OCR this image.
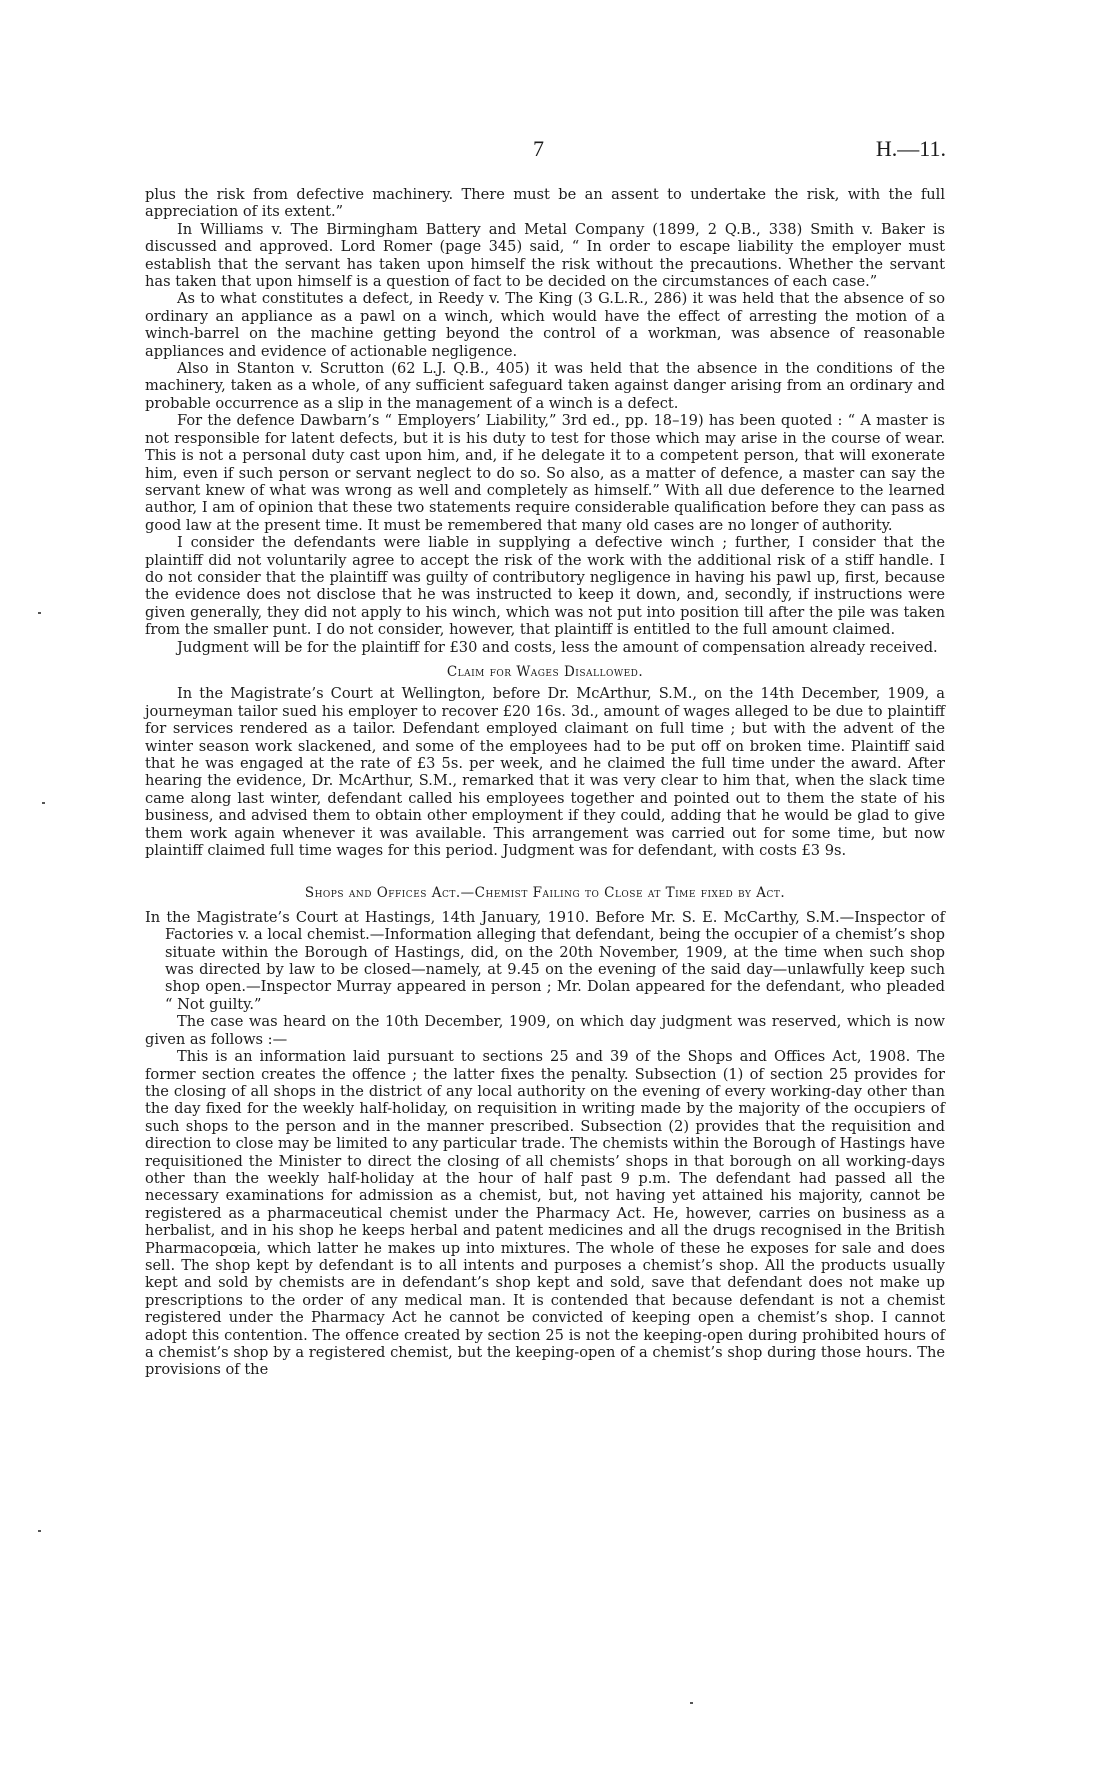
7	H.—11.

plus the risk from defective machinery. There must be an assent to undertake the risk, with the full appreciation of its extent.”

In Williams v. The Birmingham Battery and Metal Company (1899, 2 Q.B., 338) Smith v. Baker is discussed and approved. Lord Romer (page 345) said, “ In order to escape liability the employer must establish that the servant has taken upon himself the risk without the precautions. Whether the servant has taken that upon himself is a question of fact to be decided on the circumstances of each case.”

As to what constitutes a defect, in Reedy v. The King (3 G.L.R., 286) it was held that the absence of so ordinary an appliance as a pawl on a winch, which would have the effect of arresting the motion of a winch-barrel on the machine getting beyond the control of a workman, was absence of reasonable appliances and evidence of actionable negligence.

Also in Stanton v. Scrutton (62 L.J. Q.B., 405) it was held that the absence in the conditions of the machinery, taken as a whole, of any sufficient safeguard taken against danger arising from an ordinary and probable occurrence as a slip in the management of a winch is a defect.

For the defence Dawbarn’s “ Employers’ Liability,” 3rd ed., pp. 18–19) has been quoted : “ A master is not responsible for latent defects, but it is his duty to test for those which may arise in the course of wear. This is not a personal duty cast upon him, and, if he delegate it to a competent person, that will exonerate him, even if such person or servant neglect to do so. So also, as a matter of defence, a master can say the servant knew of what was wrong as well and completely as himself.” With all due deference to the learned author, I am of opinion that these two statements require considerable qualification before they can pass as good law at the present time. It must be remembered that many old cases are no longer of authority.

I consider the defendants were liable in supplying a defective winch ; further, I consider that the plaintiff did not voluntarily agree to accept the risk of the work with the additional risk of a stiff handle. I do not consider that the plaintiff was guilty of contributory negligence in having his pawl up, first, because the evidence does not disclose that he was instructed to keep it down, and, secondly, if instructions were given generally, they did not apply to his winch, which was not put into position till after the pile was taken from the smaller punt. I do not consider, however, that plaintiff is entitled to the full amount claimed.

Judgment will be for the plaintiff for £30 and costs, less the amount of compensation already received.

Claim for Wages Disallowed.

In the Magistrate’s Court at Wellington, before Dr. McArthur, S.M., on the 14th December, 1909, a journeyman tailor sued his employer to recover £20 16s. 3d., amount of wages alleged to be due to plaintiff for services rendered as a tailor. Defendant employed claimant on full time ; but with the advent of the winter season work slackened, and some of the employees had to be put off on broken time. Plaintiff said that he was engaged at the rate of £3 5s. per week, and he claimed the full time under the award. After hearing the evidence, Dr. McArthur, S.M., remarked that it was very clear to him that, when the slack time came along last winter, defendant called his employees together and pointed out to them the state of his business, and advised them to obtain other employment if they could, adding that he would be glad to give them work again whenever it was available. This arrangement was carried out for some time, but now plaintiff claimed full time wages for this period. Judgment was for defendant, with costs £3 9s.

Shops and Offices Act.—Chemist Failing to Close at Time fixed by Act.

In the Magistrate’s Court at Hastings, 14th January, 1910. Before Mr. S. E. McCarthy, S.M.—Inspector of Factories v. a local chemist.—Information alleging that defendant, being the occupier of a chemist’s shop situate within the Borough of Hastings, did, on the 20th November, 1909, at the time when such shop was directed by law to be closed—namely, at 9.45 on the evening of the said day—unlawfully keep such shop open.—Inspector Murray appeared in person ; Mr. Dolan appeared for the defendant, who pleaded “ Not guilty.”

The case was heard on the 10th December, 1909, on which day judgment was reserved, which is now given as follows :—

This is an information laid pursuant to sections 25 and 39 of the Shops and Offices Act, 1908. The former section creates the offence ; the latter fixes the penalty. Subsection (1) of section 25 provides for the closing of all shops in the district of any local authority on the evening of every working-day other than the day fixed for the weekly half-holiday, on requisition in writing made by the majority of the occupiers of such shops to the person and in the manner prescribed. Subsection (2) provides that the requisition and direction to close may be limited to any particular trade. The chemists within the Borough of Hastings have requisitioned the Minister to direct the closing of all chemists’ shops in that borough on all working-days other than the weekly half-holiday at the hour of half past 9 p.m. The defendant had passed all the necessary examinations for admission as a chemist, but, not having yet attained his majority, cannot be registered as a pharmaceutical chemist under the Pharmacy Act. He, however, carries on business as a herbalist, and in his shop he keeps herbal and patent medicines and all the drugs recognised in the British Pharmacopœia, which latter he makes up into mixtures. The whole of these he exposes for sale and does sell. The shop kept by defendant is to all intents and purposes a chemist’s shop. All the products usually kept and sold by chemists are in defendant’s shop kept and sold, save that defendant does not make up prescriptions to the order of any medical man. It is contended that because defendant is not a chemist registered under the Pharmacy Act he cannot be convicted of keeping open a chemist’s shop. I cannot adopt this contention. The offence created by section 25 is not the keeping-open during prohibited hours of a chemist’s shop by a registered chemist, but the keeping-open of a chemist’s shop during those hours. The provisions of the
